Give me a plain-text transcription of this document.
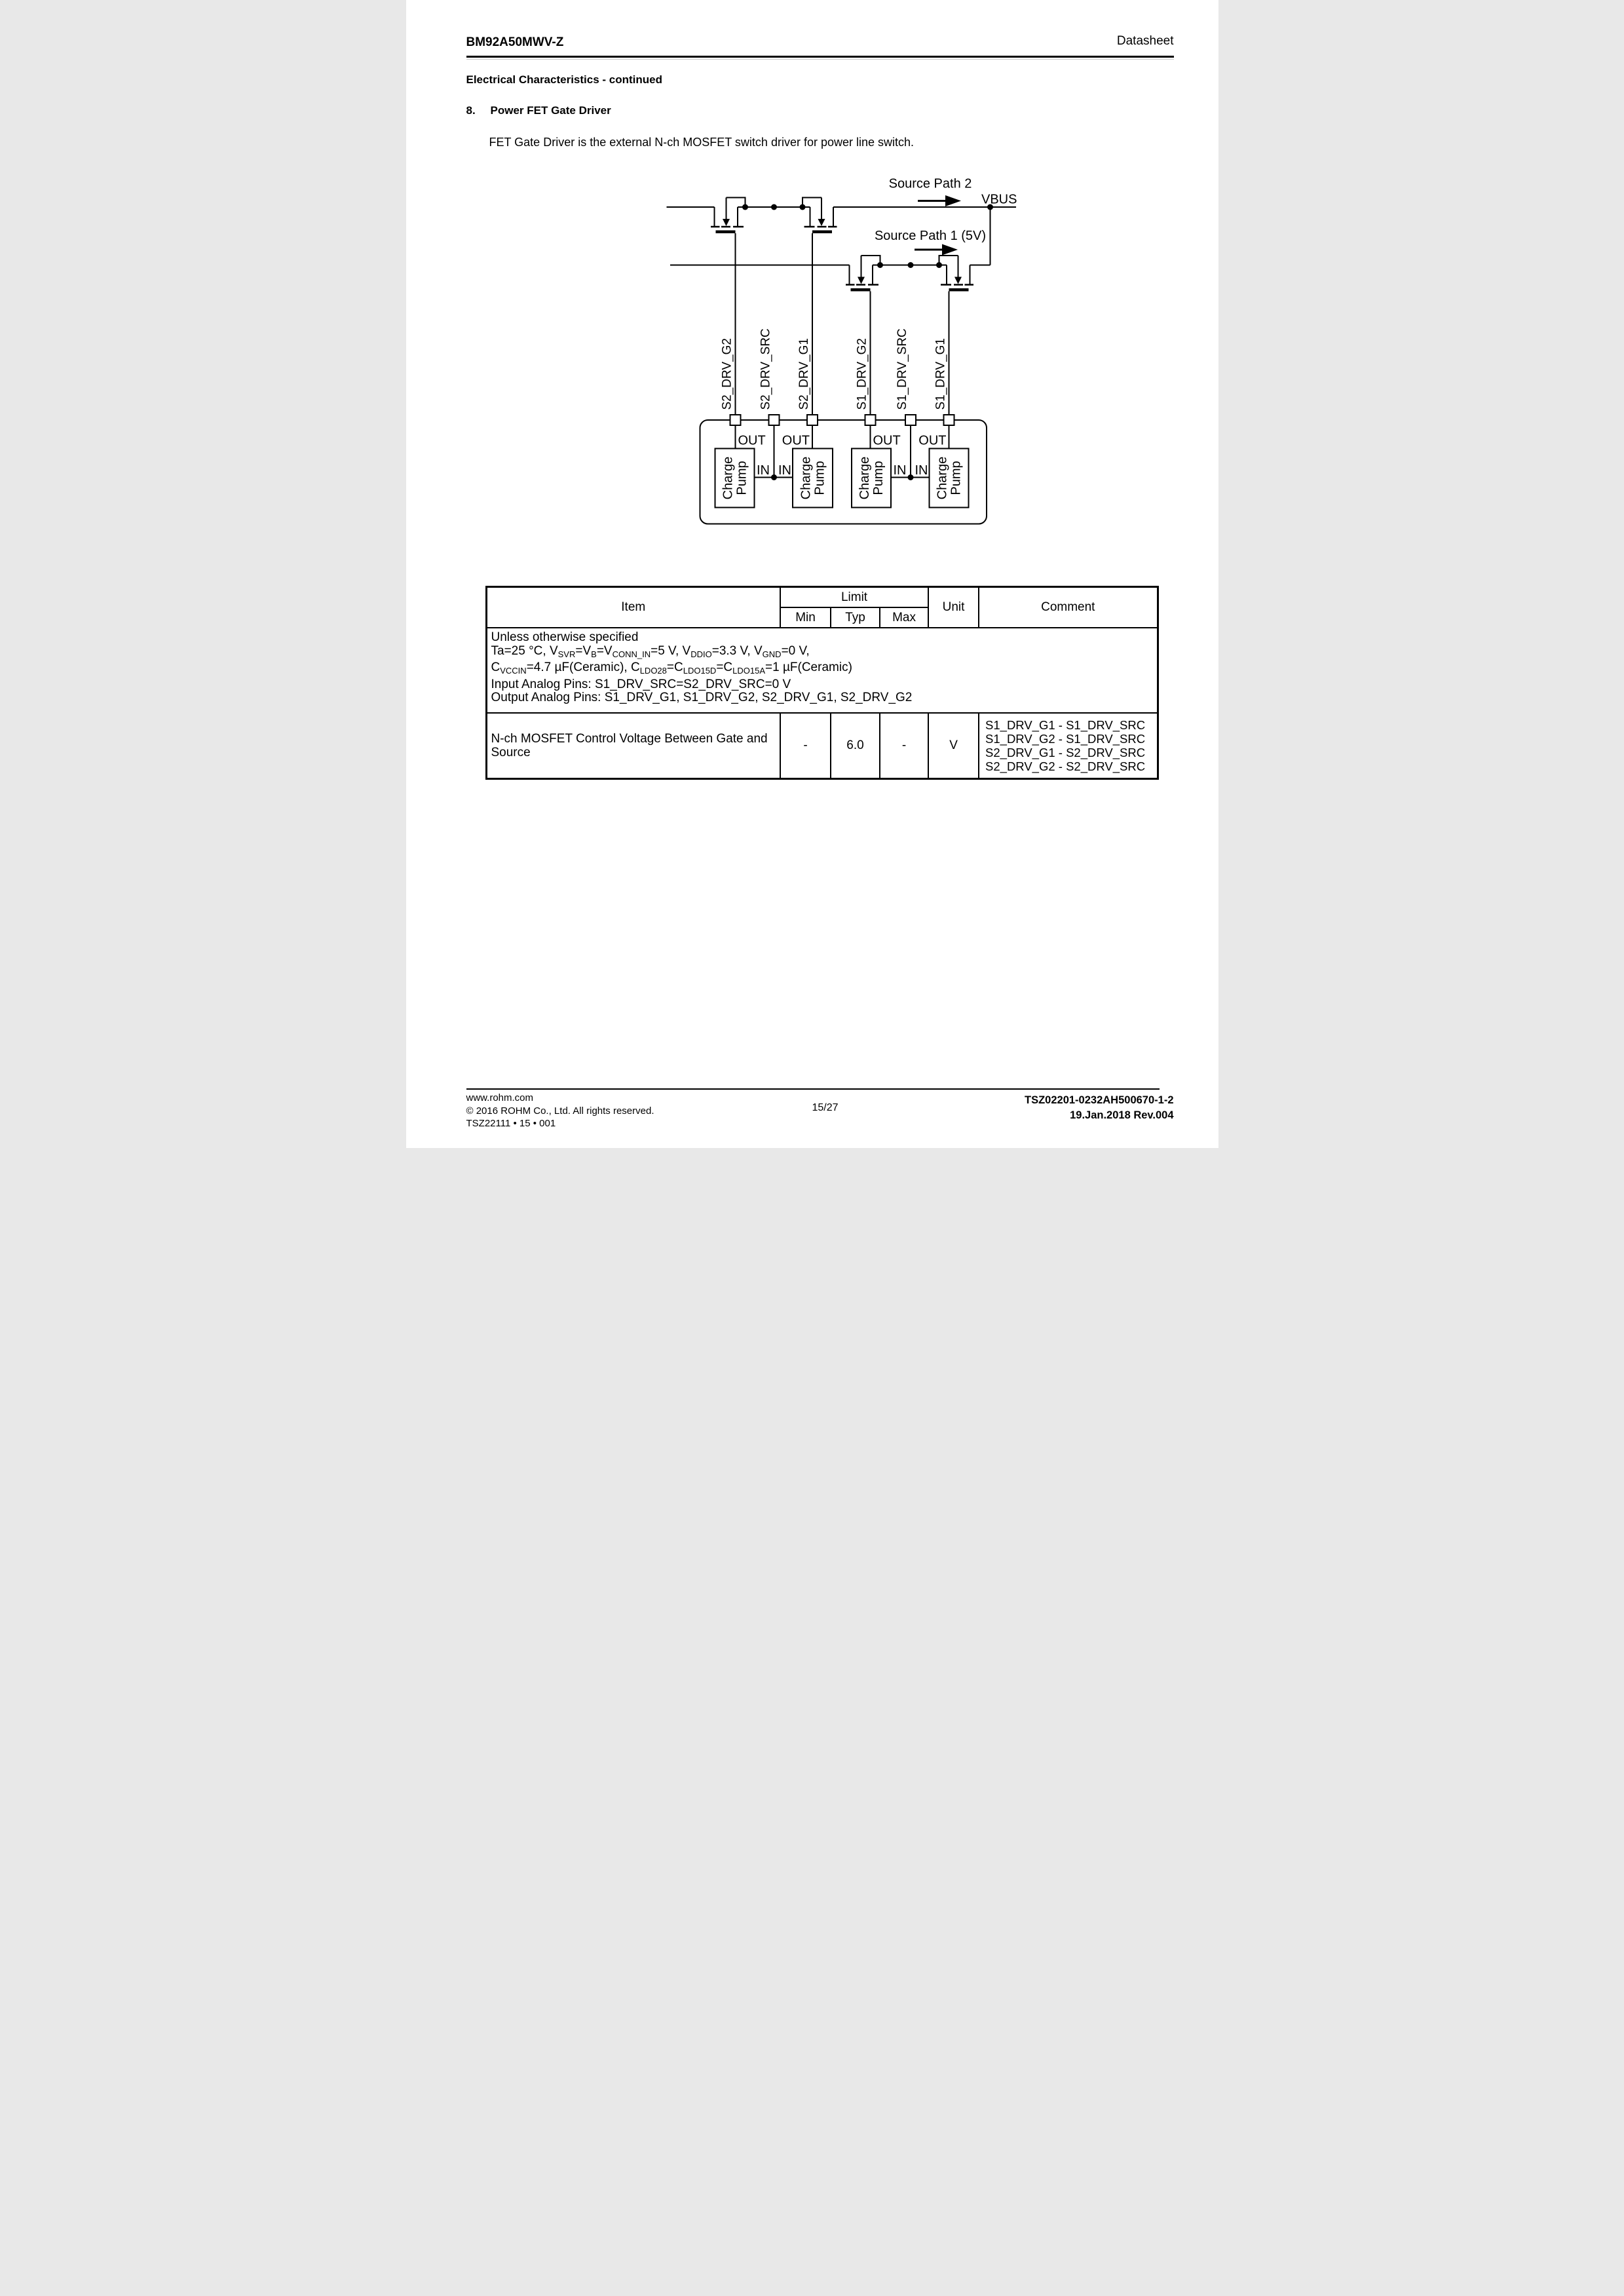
BM92A50MWV-Z	Datasheet
Electrical Characteristics - continued
8. Power FET Gate Driver
FET Gate Driver is the external N-ch MOSFET switch driver for power line switch.
Source Path 2
VBUS
Source Path 1 (5V)
OUT OUT OUT OUT
IN IN	IN IN
S2_DRV_G2 S2_DRV_SRC S2_DRV_G1 S1_DRV_G2 S1_DRV_SRC S1_DRV_G1
Charge Pump Charge Pump Charge Pump Charge Pump
Item	Limit			Unit	Comment
	Min	Typ	Max		

Unless otherwise specified
Ta=25 °C, $V_{SVR}=V_B=V_{CONN\_IN}=5$ V, $V_{DDIO}=3.3$ V, $V_{GND}=0$ V,
$C_{VCCIN}=4.7$ µF(Ceramic), $C_{LDO28}=C_{LDO15D}=C_{LDO15A}=1$ µF(Ceramic)
Input Analog Pins: S1_DRV_SRC=S2_DRV_SRC=0 V
Output Analog Pins: S1_DRV_G1, S1_DRV_G2, S2_DRV_G1, S2_DRV_G2					

N-ch MOSFET Control Voltage Between Gate and Source	-	6.0	-	V	S1_DRV_G1 - S1_DRV_SRC
S1_DRV_G2 - S1_DRV_SRC
S2_DRV_G1 - S2_DRV_SRC
S2_DRV_G2 - S2_DRV_SRC
www.rohm.com
© 2016 ROHM Co., Ltd. All rights reserved.
TSZ22111 • 15 • 001
15/27
TSZ02201-0232AH500670-1-2
19.Jan.2018 Rev.004
